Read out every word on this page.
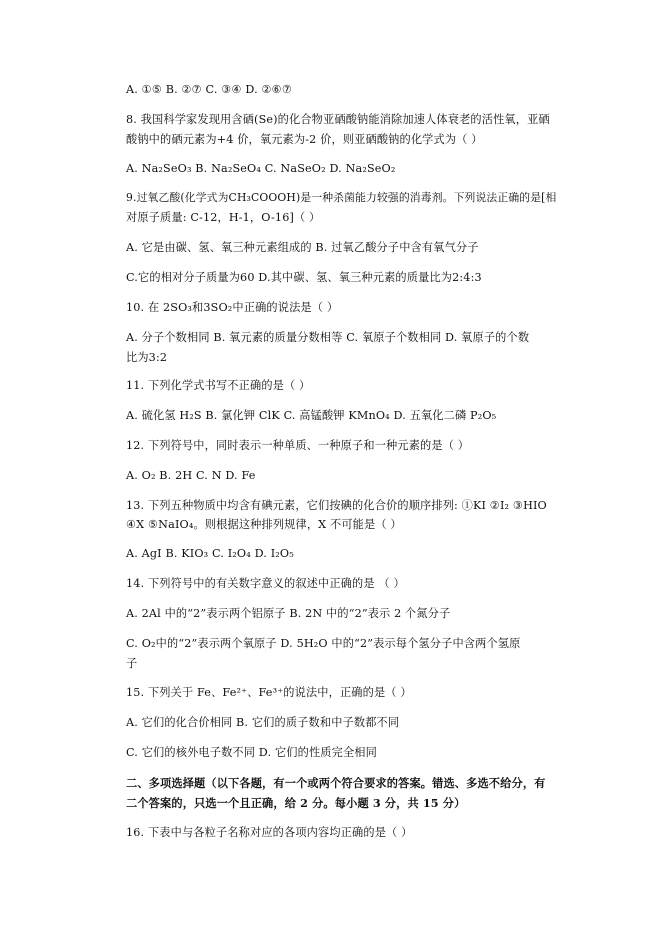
A. ①⑤ B. ②⑦ C. ③④ D. ②⑥⑦
8. 我国科学家发现用含硒(Se)的化合物亚硒酸钠能消除加速人体衰老的活性氧，亚硒
酸钠中的硒元素为+4 价，氧元素为-2 价，则亚硒酸钠的化学式为（ ）
A. Na₂SeO₃ B. Na₂SeO₄ C. NaSeO₂ D. Na₂SeO₂
9.过氧乙酸(化学式为CH₃COOOH)是一种杀菌能力较强的消毒剂。下列说法正确的是[相
对原子质量: C-12，H-1，O-16]（ ）
A. 它是由碳、氢、氧三种元素组成的 B. 过氧乙酸分子中含有氧气分子
C.它的相对分子质量为60 D.其中碳、氢、氧三种元素的质量比为2:4:3
10. 在 2SO₃和3SO₂中正确的说法是（ ）
A. 分子个数相同 B. 氧元素的质量分数相等 C. 氧原子个数相同 D. 氧原子的个数
比为3:2
11. 下列化学式书写不正确的是（ ）
A. 硫化氢 H₂S B. 氯化钾 ClK C. 高锰酸钾 KMnO₄ D. 五氧化二磷 P₂O₅
12. 下列符号中，同时表示一种单质、一种原子和一种元素的是（ ）
A. O₂ B. 2H C. N D. Fe
13. 下列五种物质中均含有碘元素，它们按碘的化合价的顺序排列: ①KI ②I₂ ③HIO
④X ⑤NaIO₄。则根据这种排列规律，X 不可能是（ ）
A. AgI B. KIO₃ C. I₂O₄ D. I₂O₅
14. 下列符号中的有关数字意义的叙述中正确的是 （ ）
A. 2Al 中的“2”表示两个铝原子 B. 2N 中的“2”表示 2 个氮分子
C. O₂中的“2”表示两个氧原子 D. 5H₂O 中的“2”表示每个氢分子中含两个氢原
子
15. 下列关于 Fe、Fe²⁺、Fe³⁺的说法中，正确的是（ ）
A. 它们的化合价相同 B. 它们的质子数和中子数都不同
C. 它们的核外电子数不同 D. 它们的性质完全相同
二、多项选择题（以下各题，有一个或两个符合要求的答案。错选、多选不给分，有
二个答案的，只选一个且正确，给 2 分。每小题 3 分，共 15 分）
16. 下表中与各粒子名称对应的各项内容均正确的是（ ）
